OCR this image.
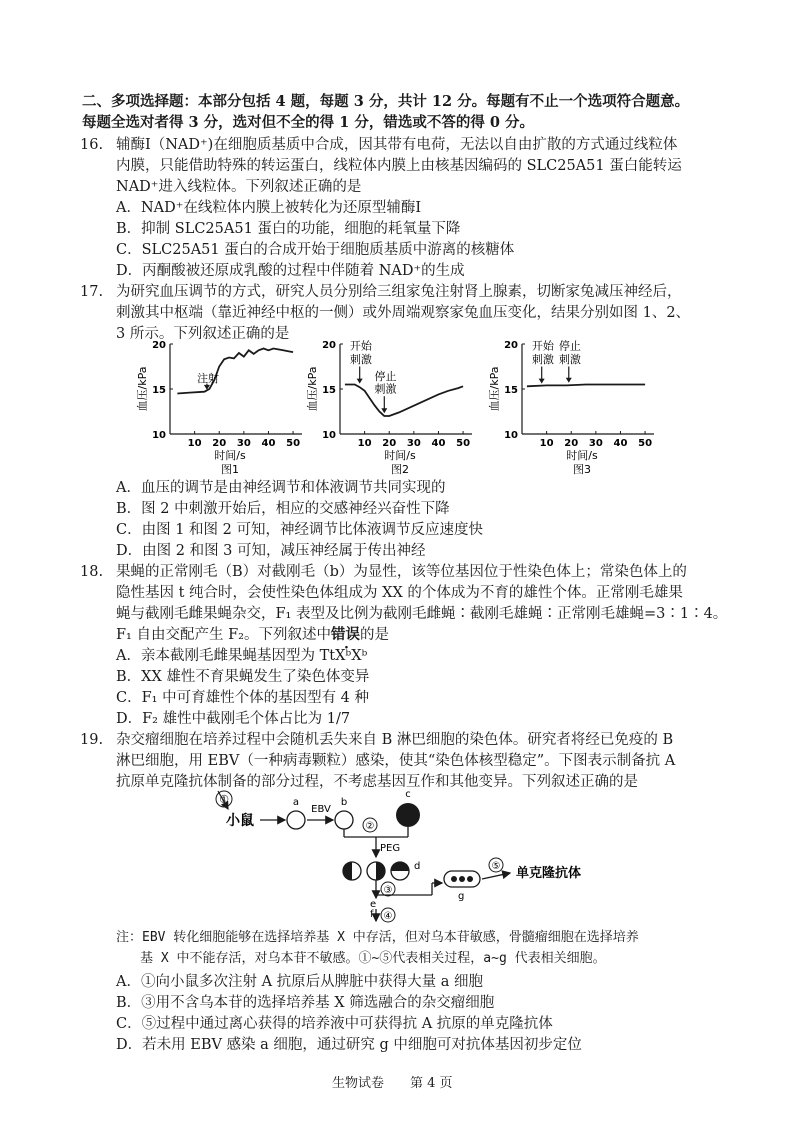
二、多项选择题：本部分包括 4 题，每题 3 分，共计 12 分。每题有不止一个选项符合题意。
每题全选对者得 3 分，选对但不全的得 1 分，错选或不答的得 0 分。
16. 辅酶Ⅰ（NAD⁺)在细胞质基质中合成，因其带有电荷，无法以自由扩散的方式通过线粒体
内膜，只能借助特殊的转运蛋白，线粒体内膜上由核基因编码的 SLC25A51 蛋白能转运
NAD⁺进入线粒体。下列叙述正确的是
A．NAD⁺在线粒体内膜上被转化为还原型辅酶Ⅰ
B．抑制 SLC25A51 蛋白的功能，细胞的耗氧量下降
C．SLC25A51 蛋白的合成开始于细胞质基质中游离的核糖体
D．丙酮酸被还原成乳酸的过程中伴随着 NAD⁺的生成
17. 为研究血压调节的方式，研究人员分别给三组家兔注射肾上腺素，切断家兔减压神经后，
刺激其中枢端（靠近神经中枢的一侧）或外周端观察家兔血压变化，结果分别如图 1、2、
3 所示。下列叙述正确的是
10
15
20
10 20 30 40 50
血压/kPa
时间/s
图1
注射
10
15
20
10 20 30 40 50
血压/kPa
时间/s
图2
开始
刺激
停止
刺激
10
15
20
10 20 30 40 50
血压/kPa
时间/s
图3
开始
刺激
停止
刺激
A．血压的调节是由神经调节和体液调节共同实现的
B．图 2 中刺激开始后，相应的交感神经兴奋性下降
C．由图 1 和图 2 可知，神经调节比体液调节反应速度快
D．由图 2 和图 3 可知，减压神经属于传出神经
18. 果蝇的正常刚毛（B）对截刚毛（b）为显性，该等位基因位于性染色体上；常染色体上的
隐性基因 t 纯合时，会使性染色体组成为 XX 的个体成为不育的雄性个体。正常刚毛雄果
蝇与截刚毛雌果蝇杂交，F₁ 表型及比例为截刚毛雌蝇∶截刚毛雄蝇∶正常刚毛雄蝇=3∶1∶4。
F₁ 自由交配产生 F₂。下列叙述中错误的是
A．亲本截刚毛雌果蝇基因型为 TtXᵇXᵇ
B．XX 雄性不育果蝇发生了染色体变异
C．F₁ 中可育雄性个体的基因型有 4 种
D．F₂ 雄性中截刚毛个体占比为 1/7
19. 杂交瘤细胞在培养过程中会随机丢失来自 B 淋巴细胞的染色体。研究者将经已免疫的 B
淋巴细胞，用 EBV（一种病毒颗粒）感染，使其“染色体核型稳定”。下图表示制备抗 A
抗原单克隆抗体制备的部分过程，不考虑基因互作和其他变异。下列叙述正确的是
①
小鼠
a
EBV
b
c
②
PEG
d
③
e
④
g
⑤ 单克隆抗体
f
注：EBV 转化细胞能够在选择培养基 X 中存活，但对乌本苷敏感，骨髓瘤细胞在选择培养
基 X 中不能存活，对乌本苷不敏感。①~⑤代表相关过程，a~g 代表相关细胞。
A．①向小鼠多次注射 A 抗原后从脾脏中获得大量 a 细胞
B．③用不含乌本苷的选择培养基 X 筛选融合的杂交瘤细胞
C．⑤过程中通过离心获得的培养液中可获得抗 A 抗原的单克隆抗体
D．若未用 EBV 感染 a 细胞，通过研究 g 中细胞可对抗体基因初步定位
生物试卷 第 4 页
